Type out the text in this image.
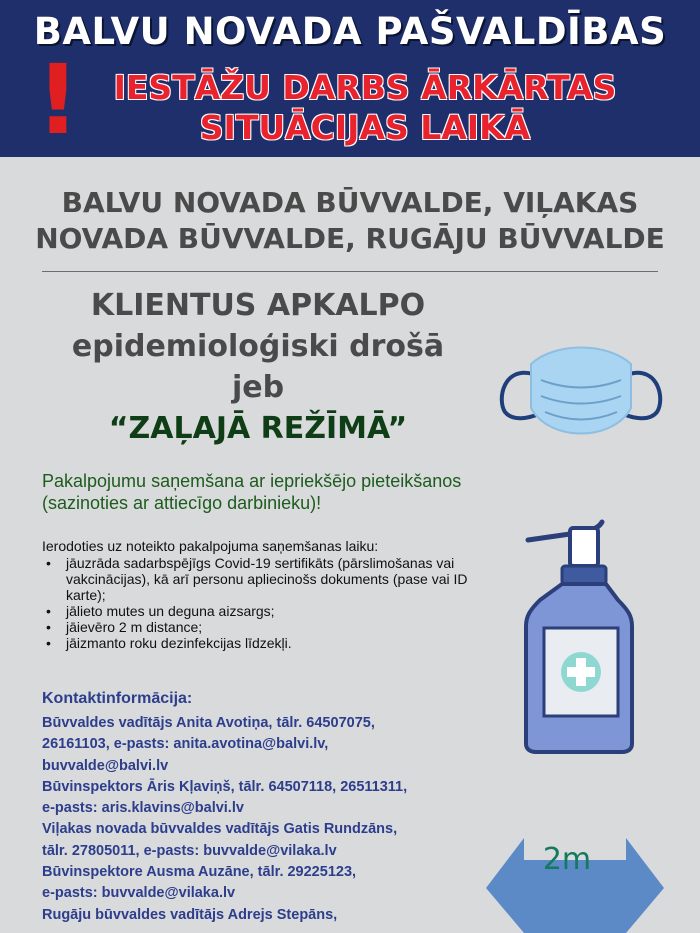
BALVU NOVADA PAŠVALDĪBAS
!	IESTĀŽU DARBS ĀRKĀRTAS
SITUĀCIJAS LAIKĀ
BALVU NOVADA BŪVVALDE, VIĻAKAS
NOVADA BŪVVALDE, RUGĀJU BŪVVALDE
KLIENTUS APKALPO
epidemioloģiski drošā
jeb
“ZAĻAJĀ REŽĪMĀ”
Pakalpojumu saņemšana ar iepriekšējo pieteikšanos (sazinoties ar attiecīgo darbinieku)!
Ierodoties uz noteikto pakalpojuma saņemšanas laiku:
• jāuzrāda sadarbspējīgs Covid-19 sertifikāts (pārslimošanas vai vakcinācijas), kā arī personu apliecinošs dokuments (pase vai ID karte);
• jālieto mutes un deguna aizsargs;
• jāievēro 2 m distance;
• jāizmanto roku dezinfekcijas līdzekļi.
Kontaktinformācija:
Būvvaldes vadītājs Anita Avotiņa, tālr. 64507075,
26161103, e-pasts: anita.avotina@balvi.lv,
buvvalde@balvi.lv
Būvinspektors Āris Kļaviņš, tālr. 64507118, 26511311,
e-pasts: aris.klavins@balvi.lv
Viļakas novada būvvaldes vadītājs Gatis Rundzāns,
tālr. 27805011, e-pasts: buvvalde@vilaka.lv
Būvinspektore Ausma Auzāne, tālr. 29225123,
e-pasts: buvvalde@vilaka.lv
Rugāju būvvaldes vadītājs Adrejs Stepāns,
2m
